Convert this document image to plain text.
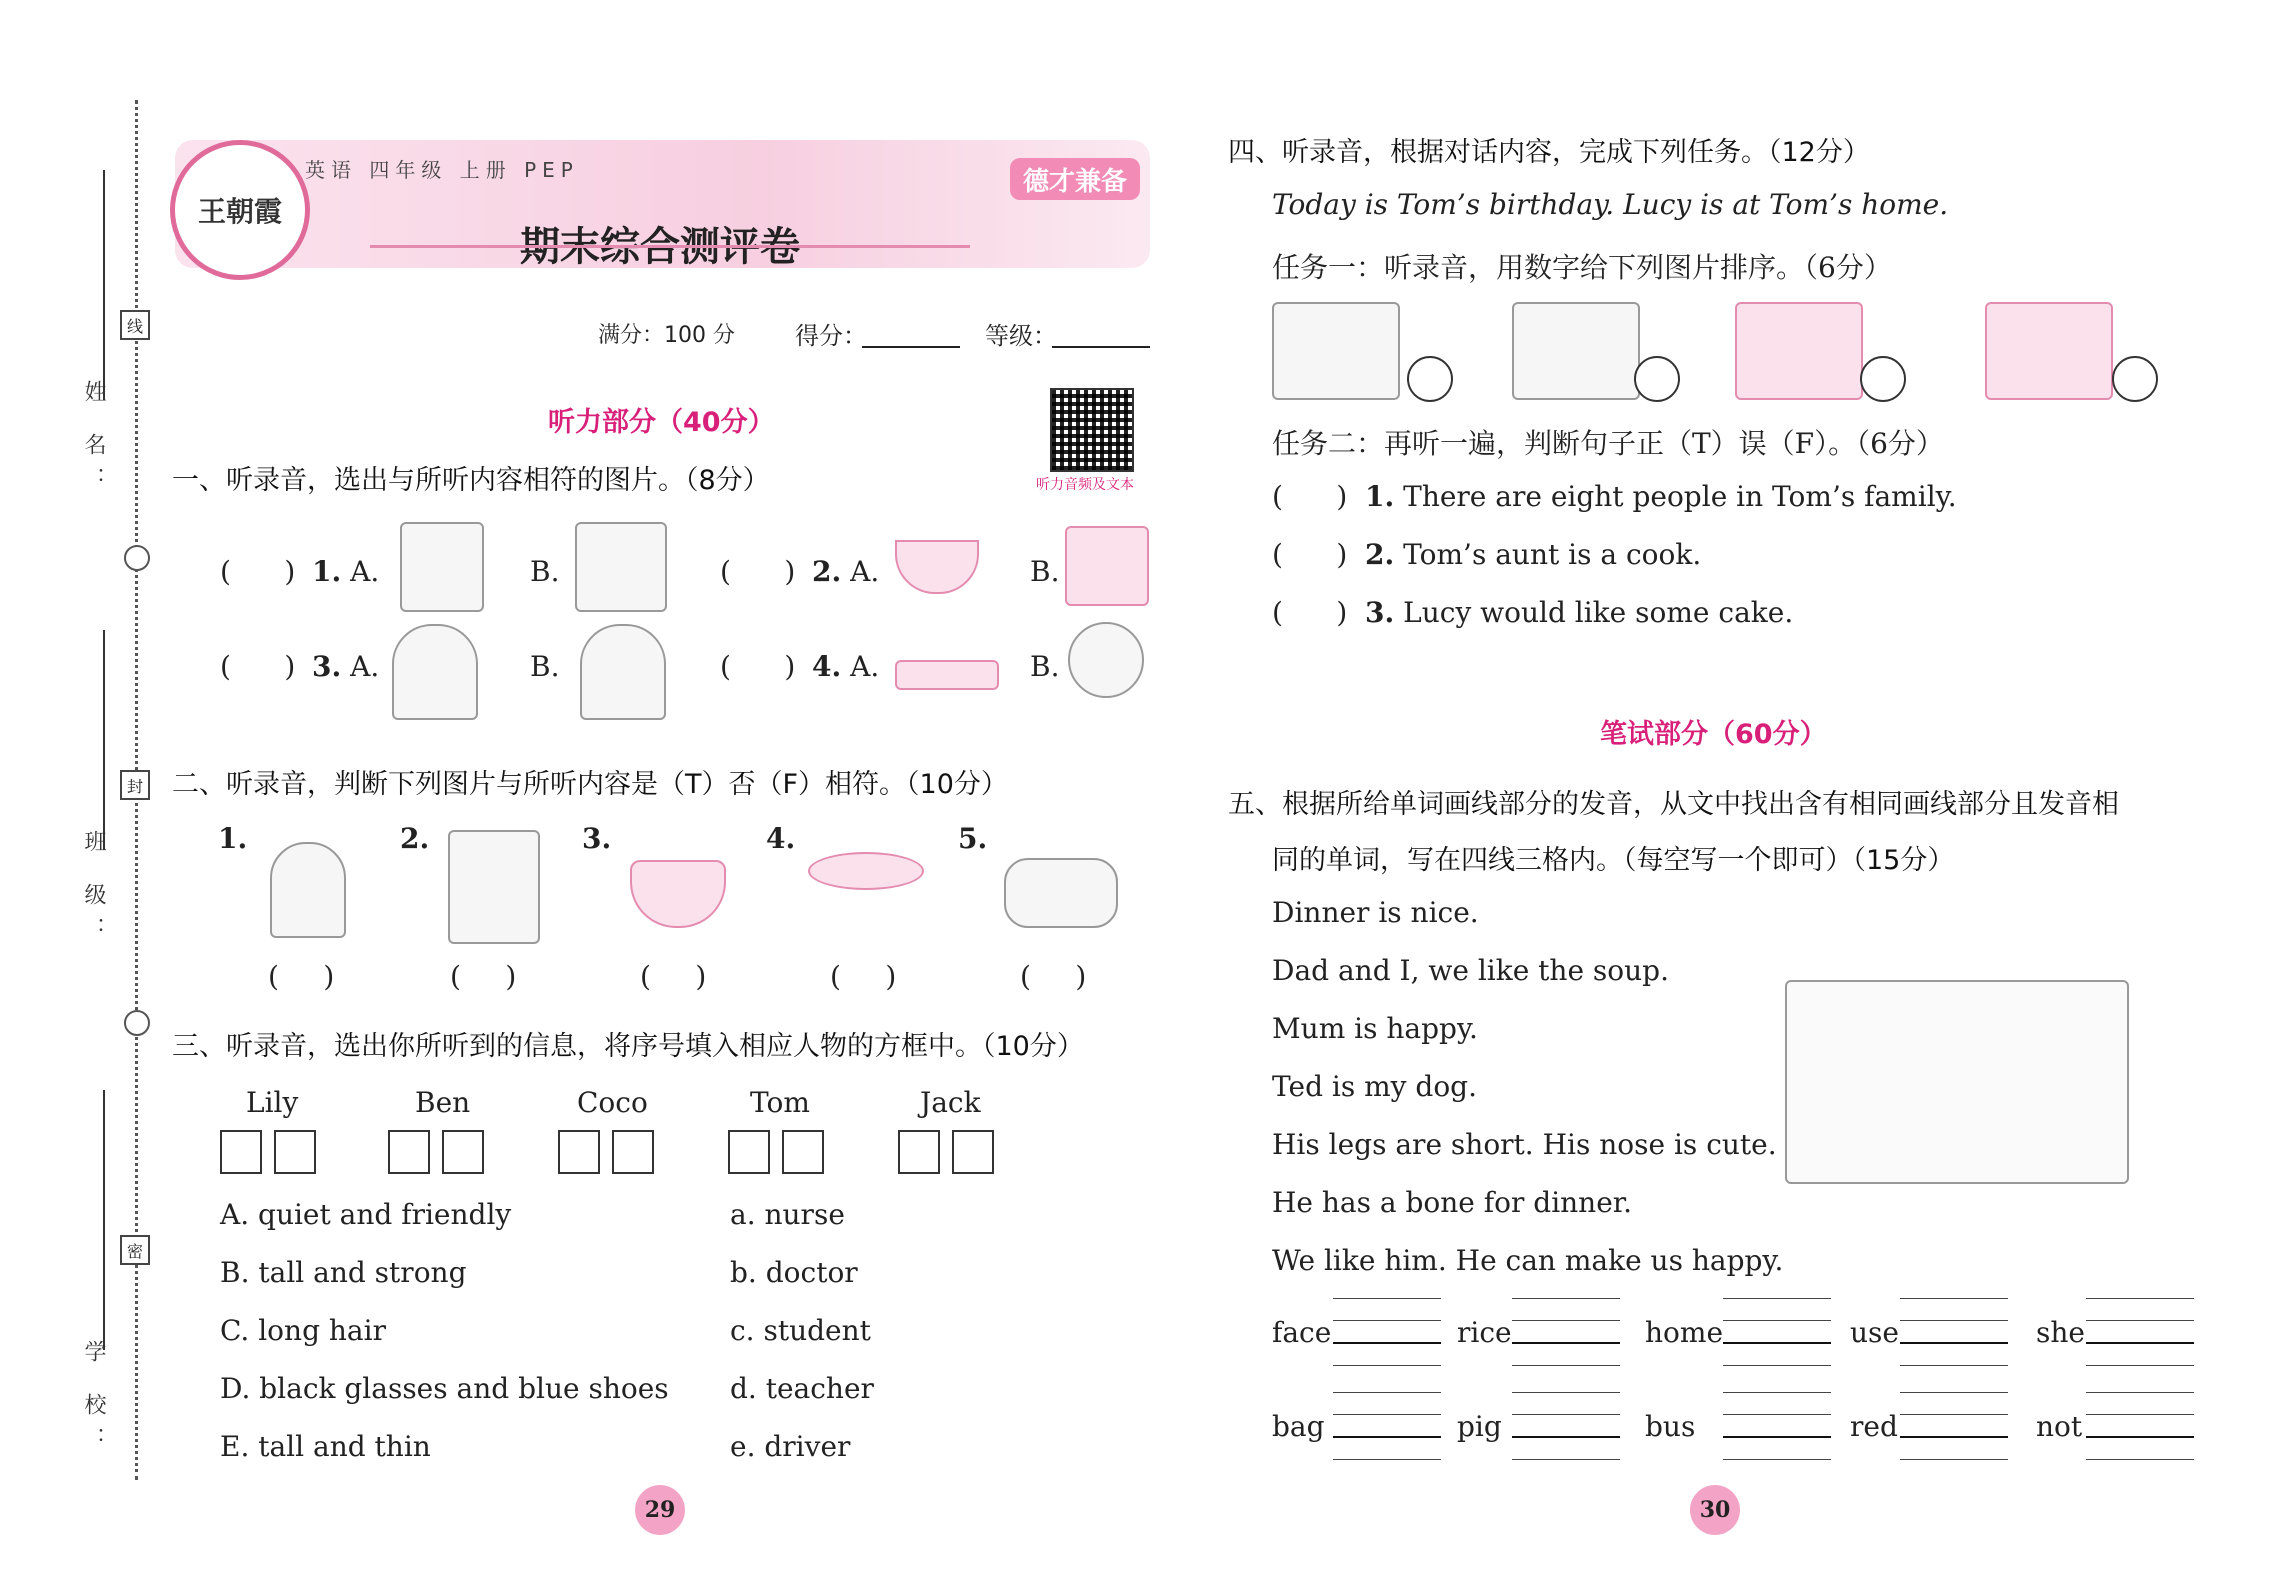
姓 名：
班 级：
学 校：
线
封
密
王朝霞
英语 四年级 上册 PEP	德才兼备
期末综合测评卷
满分：100 分	得分：	等级：
听力音频及文本
听力部分（40分）
一、听录音，选出与所听内容相符的图片。（8分）
(      ) 1. A.	B.	(      ) 2. A.	B.
(      ) 3. A.	B.	(      ) 4. A.	B.
二、听录音，判断下列图片与所听内容是（T）否（F）相符。（10分）
1.	2.	3.	4.	5.
(     )	(     )	(     )	(     )	(     )
三、听录音，选出你所听到的信息，将序号填入相应人物的方框中。（10分）
Lily	Ben	Coco	Tom	Jack
A. quiet and friendly
B. tall and strong
C. long hair
D. black glasses and blue shoes
E. tall and thin
a. nurse
b. doctor
c. student
d. teacher
e. driver
29
四、听录音，根据对话内容，完成下列任务。（12分）
Today is Tom’s birthday. Lucy is at Tom’s home.
任务一：听录音，用数字给下列图片排序。（6分）
任务二：再听一遍，判断句子正（T）误（F）。（6分）
(      ) 1. There are eight people in Tom’s family.
(      ) 2. Tom’s aunt is a cook.
(      ) 3. Lucy would like some cake.
笔试部分（60分）
五、根据所给单词画线部分的发音，从文中找出含有相同画线部分且发音相
同的单词，写在四线三格内。（每空写一个即可）（15分）
Dinner is nice.
Dad and I, we like the soup.
Mum is happy.
Ted is my dog.
His legs are short. His nose is cute.
He has a bone for dinner.
We like him. He can make us happy.
face	rice	home	use	she
bag	pig	bus	red	not
30
